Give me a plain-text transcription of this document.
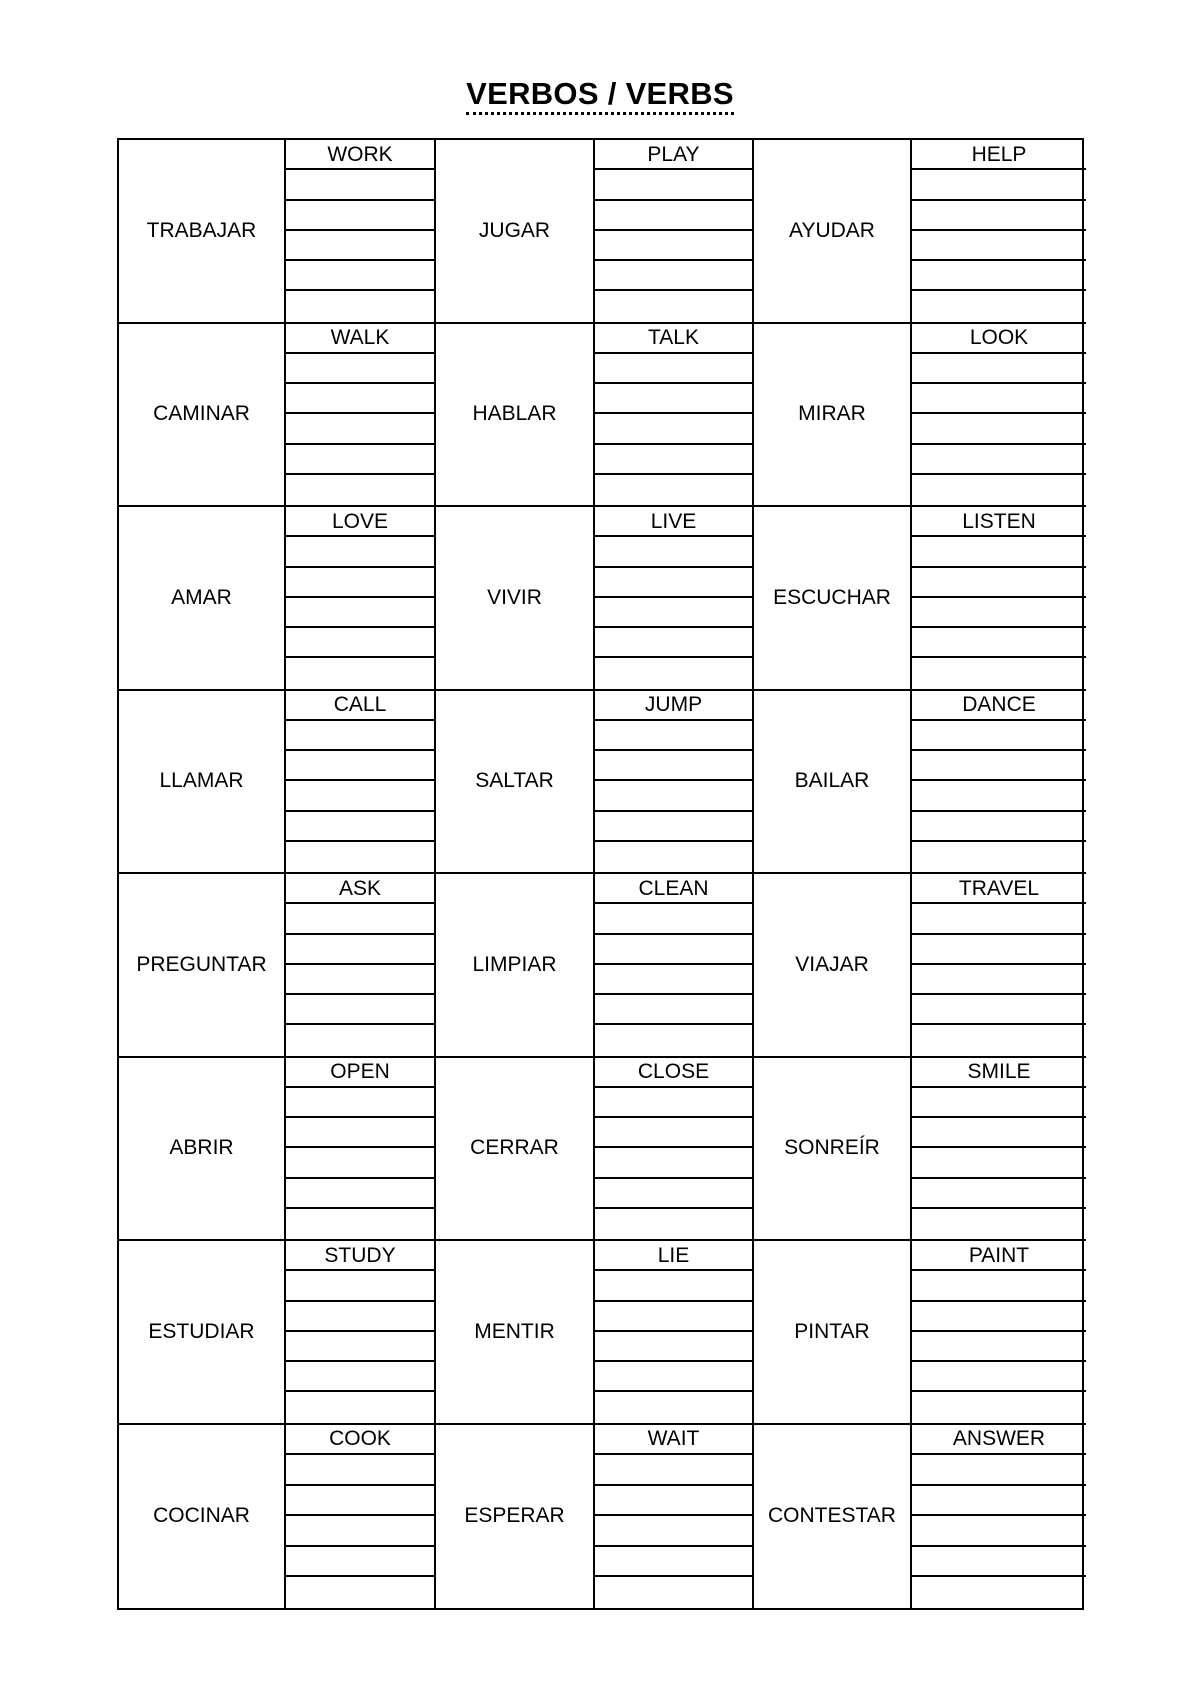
VERBOS / VERBS
TRABAJAR
WORK
JUGAR
PLAY
AYUDAR
HELP
CAMINAR
WALK
HABLAR
TALK
MIRAR
LOOK
AMAR
LOVE
VIVIR
LIVE
ESCUCHAR
LISTEN
LLAMAR
CALL
SALTAR
JUMP
BAILAR
DANCE
PREGUNTAR
ASK
LIMPIAR
CLEAN
VIAJAR
TRAVEL
ABRIR
OPEN
CERRAR
CLOSE
SONREÍR
SMILE
ESTUDIAR
STUDY
MENTIR
LIE
PINTAR
PAINT
COCINAR
COOK
ESPERAR
WAIT
CONTESTAR
ANSWER
